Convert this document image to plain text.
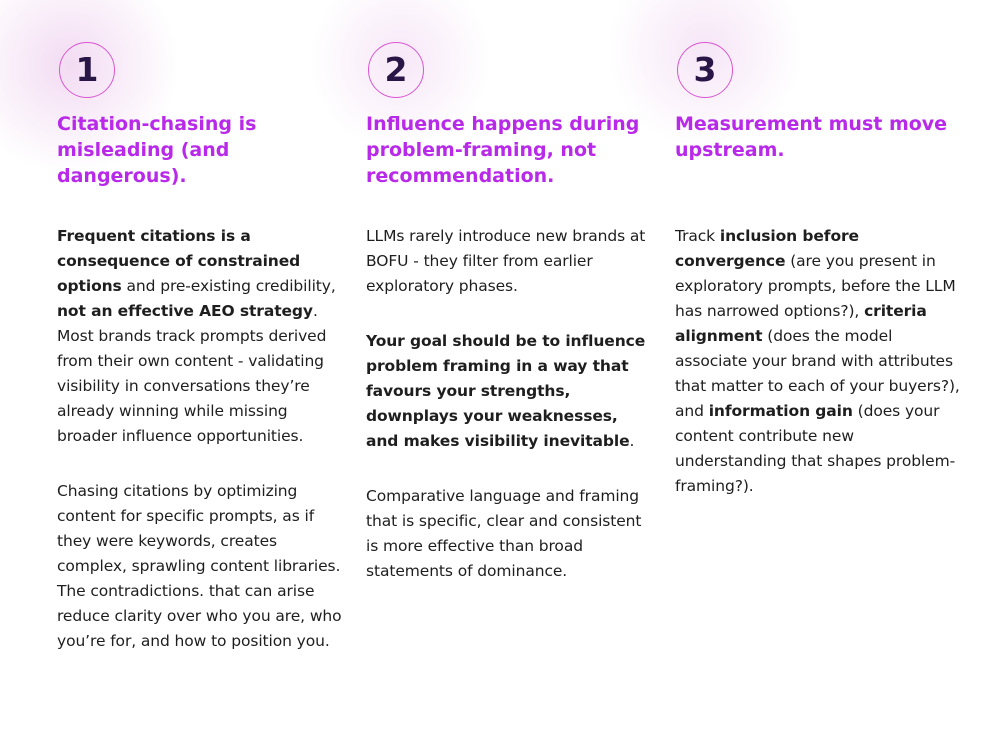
1
Citation-chasing is misleading (and dangerous).

Frequent citations is a consequence of constrained options and pre-existing credibility, not an effective AEO strategy. Most brands track prompts derived from their own content - validating visibility in conversations they’re already winning while missing broader influence opportunities.

Chasing citations by optimizing content for specific prompts, as if they were keywords, creates complex, sprawling content libraries. The contradictions. that can arise reduce clarity over who you are, who you’re for, and how to position you.

2
Influence happens during problem-framing, not recommendation.

LLMs rarely introduce new brands at BOFU - they filter from earlier exploratory phases.

Your goal should be to influence problem framing in a way that favours your strengths, downplays your weaknesses, and makes visibility inevitable.

Comparative language and framing that is specific, clear and consistent is more effective than broad statements of dominance.

3
Measurement must move upstream.

Track inclusion before convergence (are you present in exploratory prompts, before the LLM has narrowed options?), criteria alignment (does the model associate your brand with attributes that matter to each of your buyers?), and information gain (does your content contribute new understanding that shapes problem-framing?).
